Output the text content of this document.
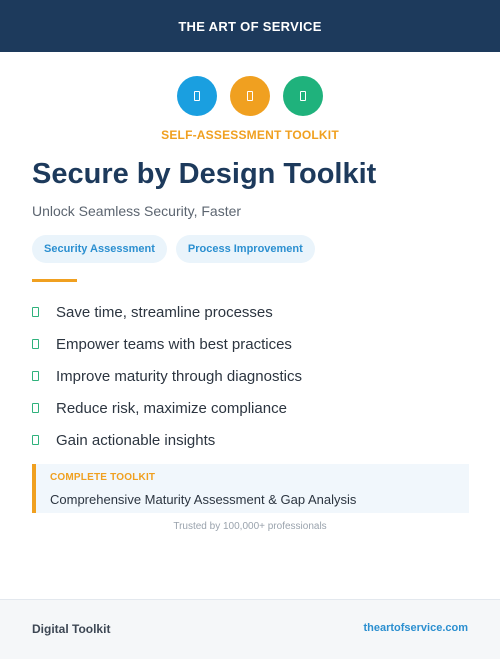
THE ART OF SERVICE
SELF-ASSESSMENT TOOLKIT
Secure by Design Toolkit
Unlock Seamless Security, Faster
Security Assessment	Process Improvement
Save time, streamline processes
Empower teams with best practices
Improve maturity through diagnostics
Reduce risk, maximize compliance
Gain actionable insights
COMPLETE TOOLKIT
Comprehensive Maturity Assessment & Gap Analysis
Trusted by 100,000+ professionals
Digital Toolkit	theartofservice.com
